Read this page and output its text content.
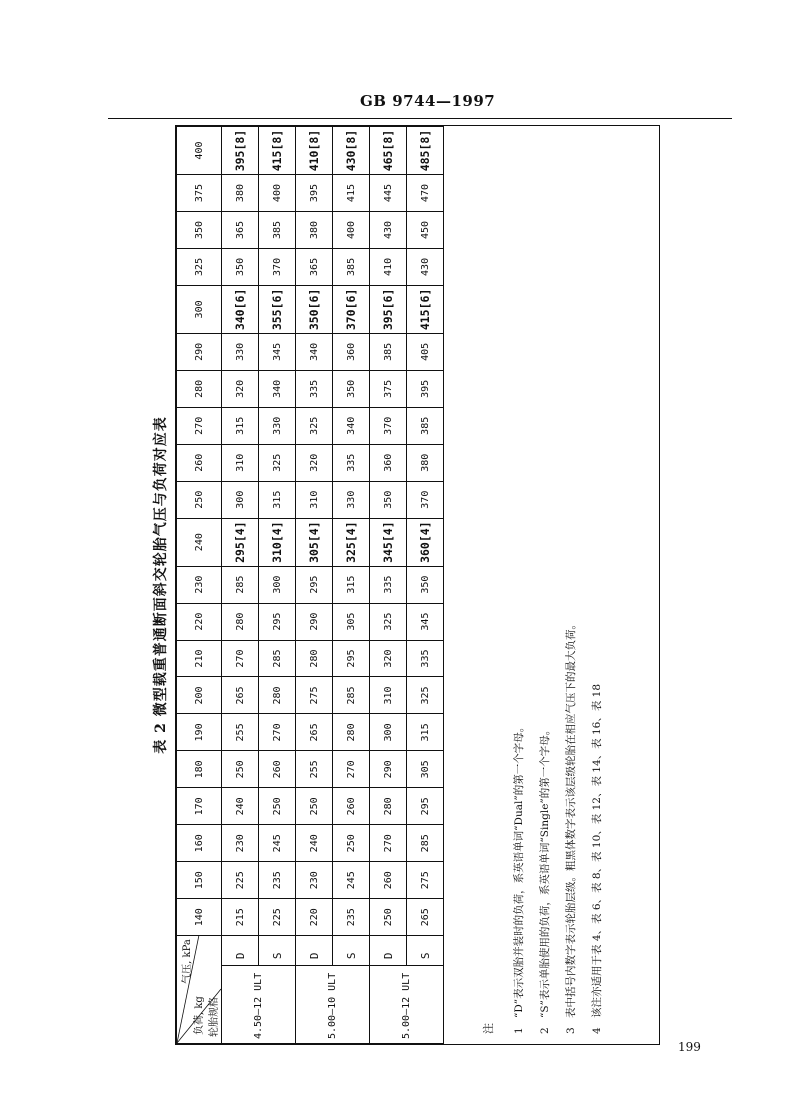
GB 9744—1997
表 2 微型载重普通断面斜交轮胎气压与负荷对应表
气压, kPa
负荷, kg 轮胎规格		140	150	160	170	180	190	200	210	220	230	240	250	260	270	280	290	300	325	350	375	400
4.50—12 ULT	D	215	225	230	240	250	255	265	270	280	285	295[4]	300	310	315	320	330	340[6]	350	365	380	395[8]
	S	225	235	245	250	260	270	280	285	295	300	310[4]	315	325	330	340	345	355[6]	370	385	400	415[8]
5.00—10 ULT	D	220	230	240	250	255	265	275	280	290	295	305[4]	310	320	325	335	340	350[6]	365	380	395	410[8]
	S	235	245	250	260	270	280	285	295	305	315	325[4]	330	335	340	350	360	370[6]	385	400	415	430[8]
5.00—12 ULT	D	250	260	270	280	290	300	310	320	325	335	345[4]	350	360	370	375	385	395[6]	410	430	445	465[8]
	S	265	275	285	295	305	315	325	335	345	350	360[4]	370	380	385	395	405	415[6]	430	450	470	485[8]
注	1“D”表示双胎并装时的负荷，系英语单词“Dual”的第一个字母。
2“S”表示单胎使用的负荷，系英语单词“Single”的第一个字母。
3表中括号内数字表示轮胎层级。粗黑体数字表示该层级轮胎在相应气压下的最大负荷。
4该注亦适用于表 4、表 6、表 8、表 10、表 12、表 14、表 16、表 18
199
